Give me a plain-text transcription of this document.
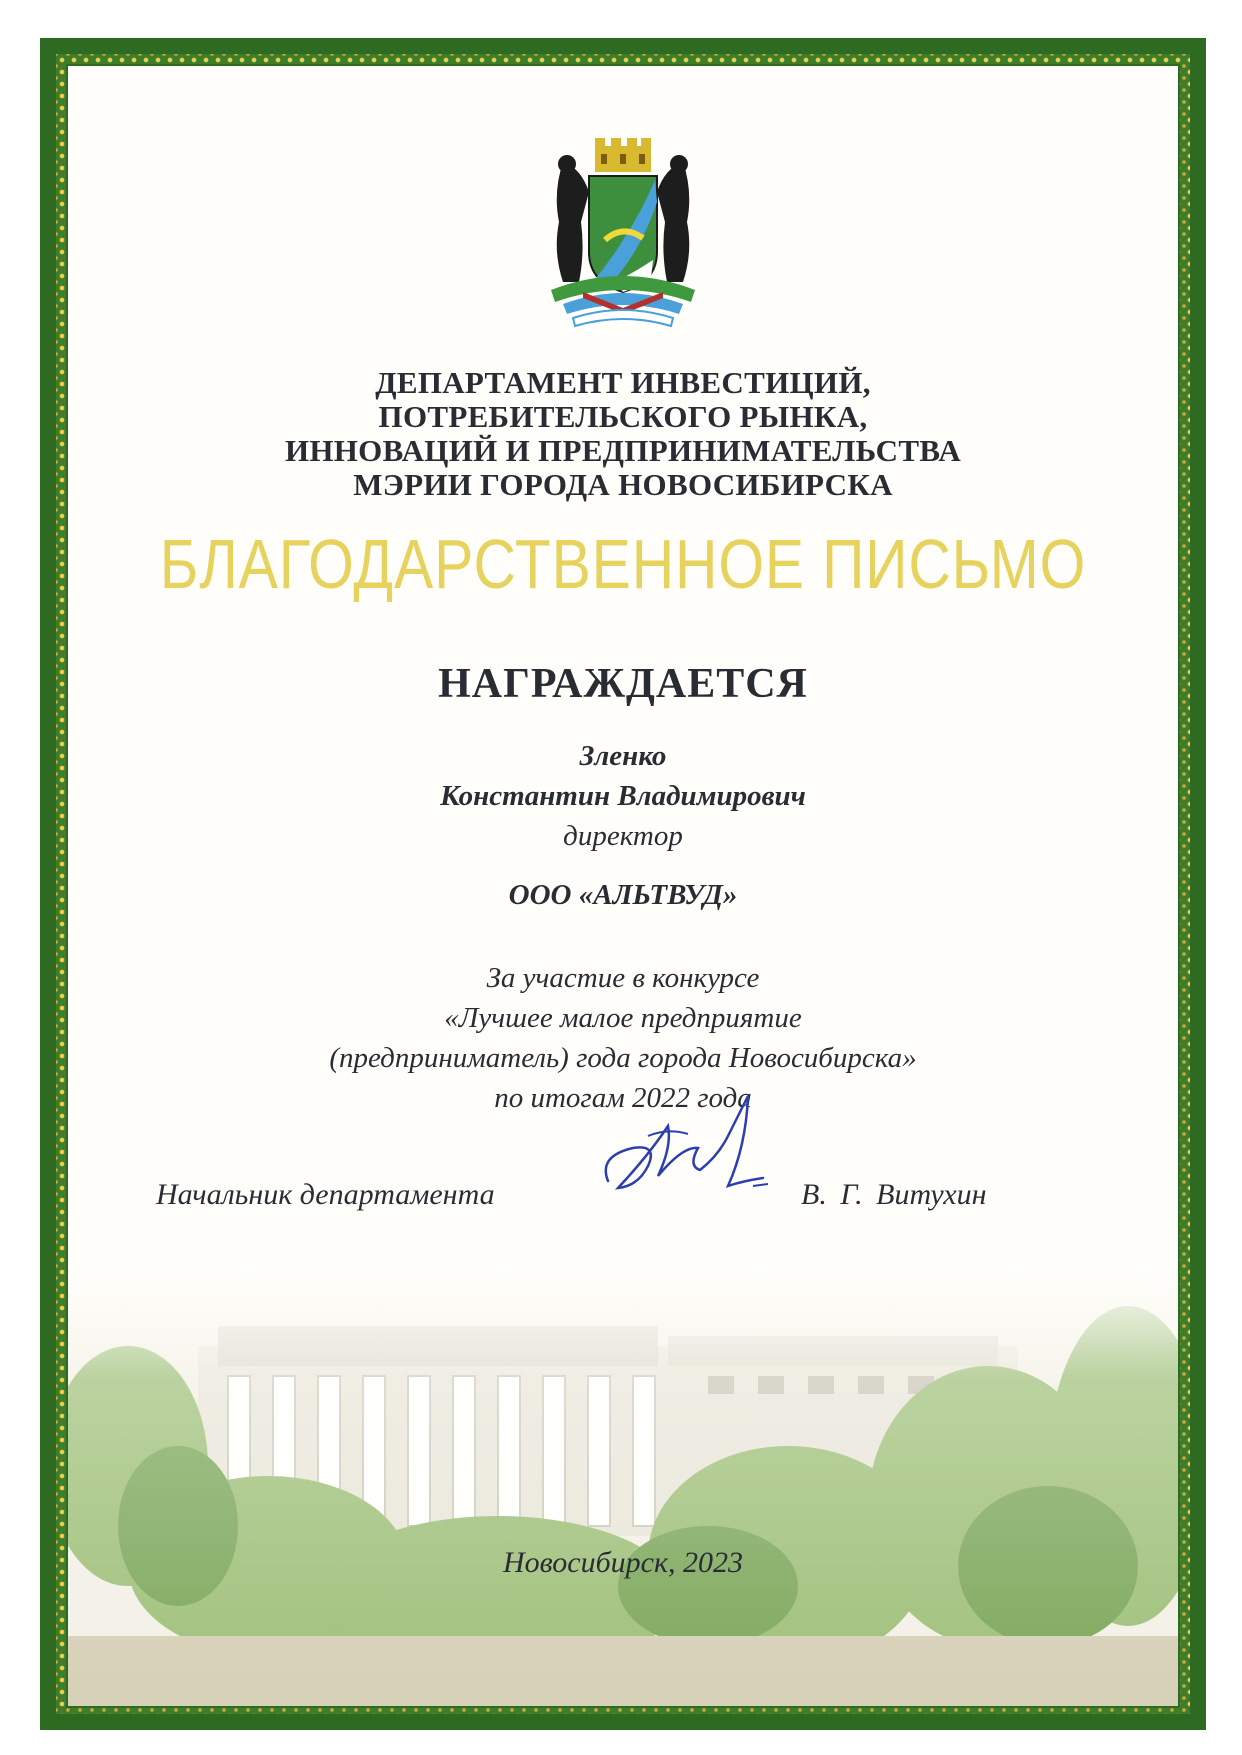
ДЕПАРТАМЕНТ ИНВЕСТИЦИЙ,
ПОТРЕБИТЕЛЬСКОГО РЫНКА,
ИННОВАЦИЙ И ПРЕДПРИНИМАТЕЛЬСТВА
МЭРИИ ГОРОДА НОВОСИБИРСКА
БЛАГОДАРСТВЕННОЕ ПИСЬМО
НАГРАЖДАЕТСЯ
Зленко
Константин Владимирович
директор
ООО «АЛЬТВУД»
За участие в конкурсе
«Лучшее малое предприятие
(предприниматель) года города Новосибирска»
по итогам 2022 года
Начальник департамента	В. Г. Витухин
Новосибирск, 2023
